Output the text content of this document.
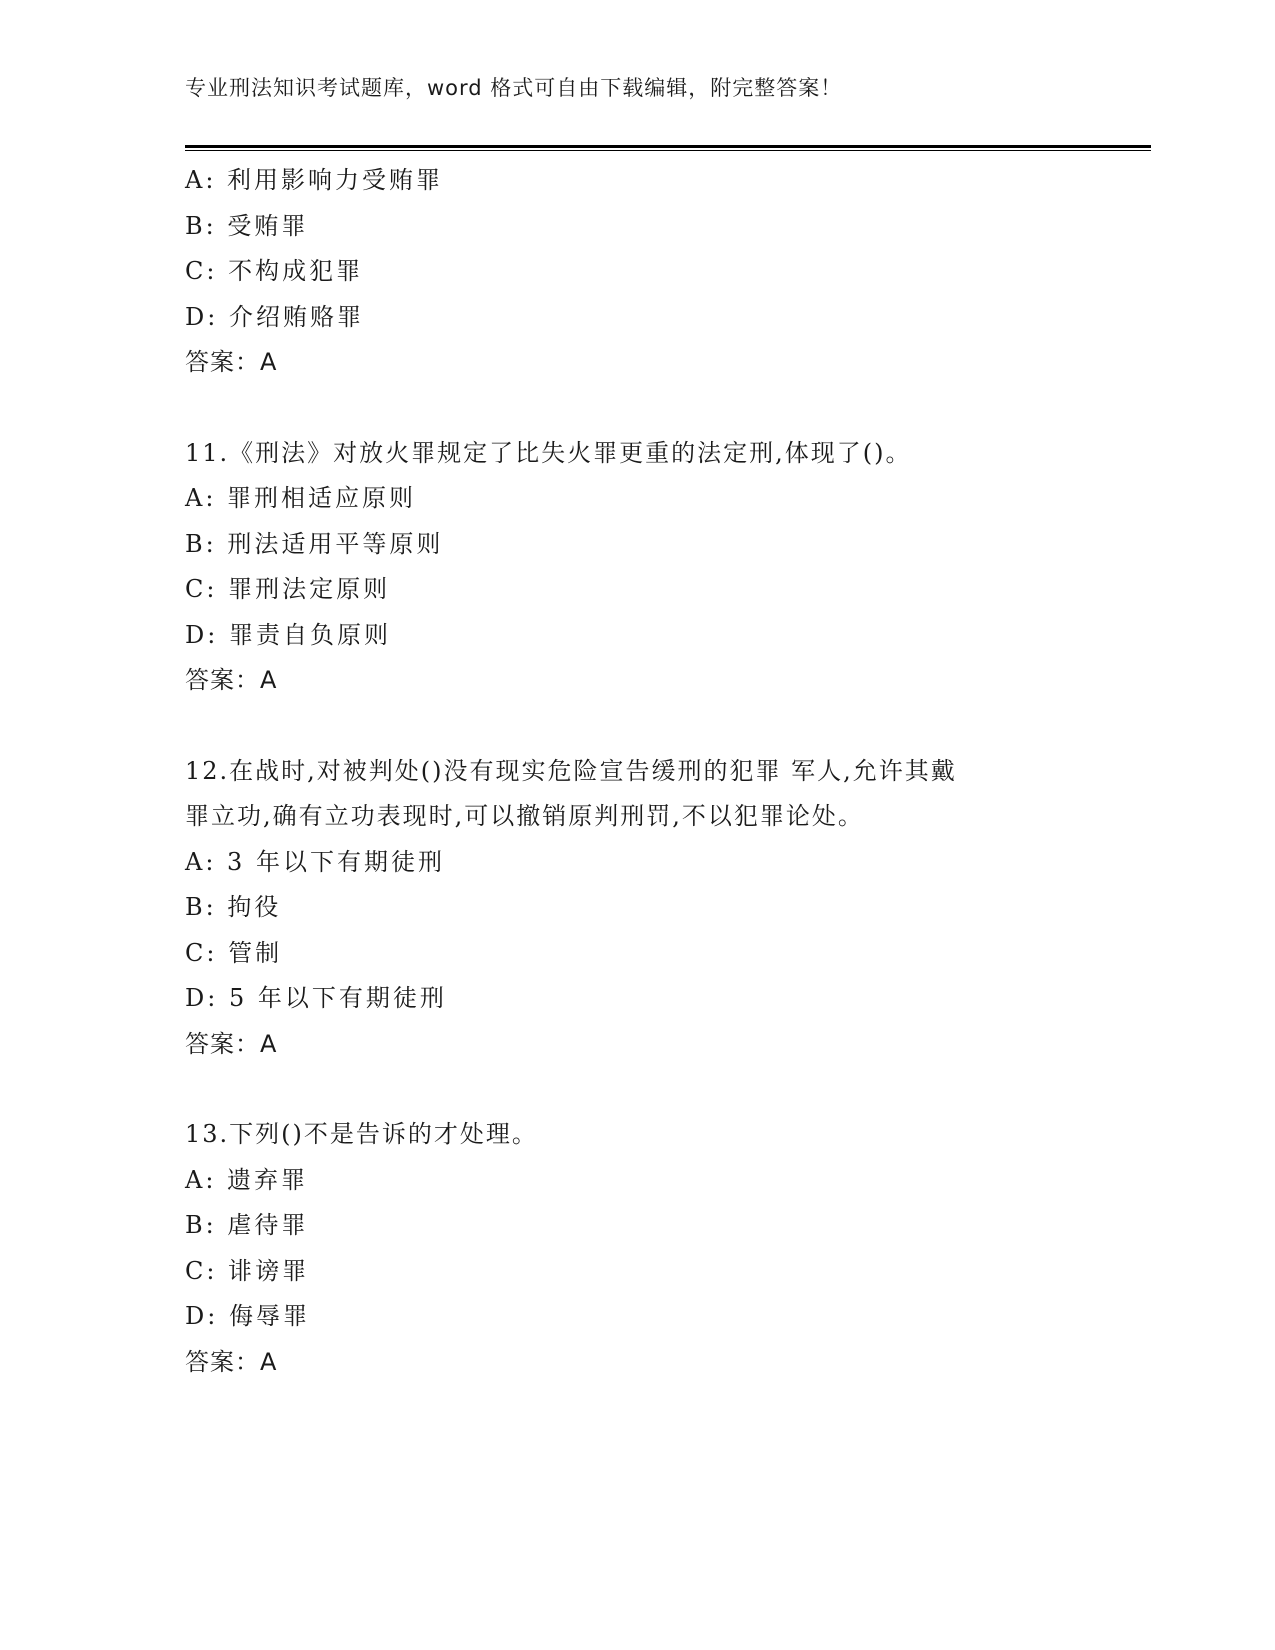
专业刑法知识考试题库，word 格式可自由下载编辑，附完整答案！
A: 利用影响力受贿罪
B: 受贿罪
C: 不构成犯罪
D: 介绍贿赂罪
答案：A
11.《刑法》对放火罪规定了比失火罪更重的法定刑,体现了()。
A: 罪刑相适应原则
B: 刑法适用平等原则
C: 罪刑法定原则
D: 罪责自负原则
答案：A
12.在战时,对被判处()没有现实危险宣告缓刑的犯罪 军人,允许其戴
罪立功,确有立功表现时,可以撤销原判刑罚,不以犯罪论处。
A: 3 年以下有期徒刑
B: 拘役
C: 管制
D: 5 年以下有期徒刑
答案：A
13.下列()不是告诉的才处理。
A: 遗弃罪
B: 虐待罪
C: 诽谤罪
D: 侮辱罪
答案：A
